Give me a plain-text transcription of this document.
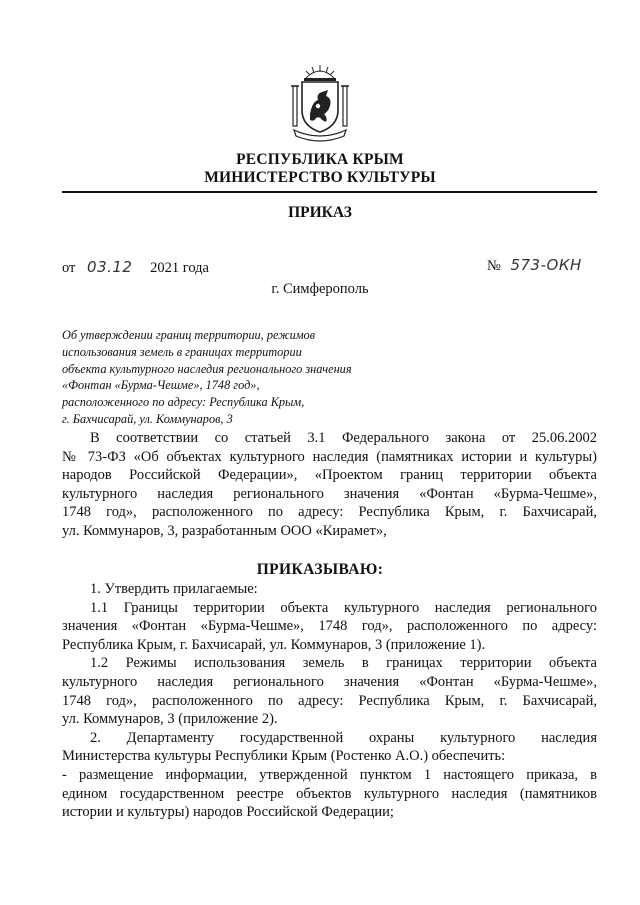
РЕСПУБЛИКА КРЫМ
МИНИСТЕРСТВО КУЛЬТУРЫ
ПРИКАЗ
от 03.12 2021 года	№ 573-ОКН
г. Симферополь
Об утверждении границ территории, режимов
использования земель в границах территории
объекта культурного наследия регионального значения
«Фонтан «Бурма-Чешме», 1748 год»,
расположенного по адресу: Республика Крым,
г. Бахчисарай, ул. Коммунаров, 3
В соответствии со статьей 3.1 Федерального закона от 25.06.2002
№ 73-ФЗ «Об объектах культурного наследия (памятниках истории и культуры)
народов Российской Федерации», «Проектом границ территории объекта
культурного наследия регионального значения «Фонтан «Бурма-Чешме»,
1748 год», расположенного по адресу: Республика Крым, г. Бахчисарай,
ул. Коммунаров, 3, разработанным ООО «Кирамет»,
ПРИКАЗЫВАЮ:
1. Утвердить прилагаемые:
1.1 Границы территории объекта культурного наследия регионального
значения «Фонтан «Бурма-Чешме», 1748 год», расположенного по адресу:
Республика Крым, г. Бахчисарай, ул. Коммунаров, 3 (приложение 1).
1.2 Режимы использования земель в границах территории объекта
культурного наследия регионального значения «Фонтан «Бурма-Чешме»,
1748 год», расположенного по адресу: Республика Крым, г. Бахчисарай,
ул. Коммунаров, 3 (приложение 2).
2. Департаменту государственной охраны культурного наследия
Министерства культуры Республики Крым (Ростенко А.О.) обеспечить:
- размещение информации, утвержденной пунктом 1 настоящего приказа, в
едином государственном реестре объектов культурного наследия (памятников
истории и культуры) народов Российской Федерации;
